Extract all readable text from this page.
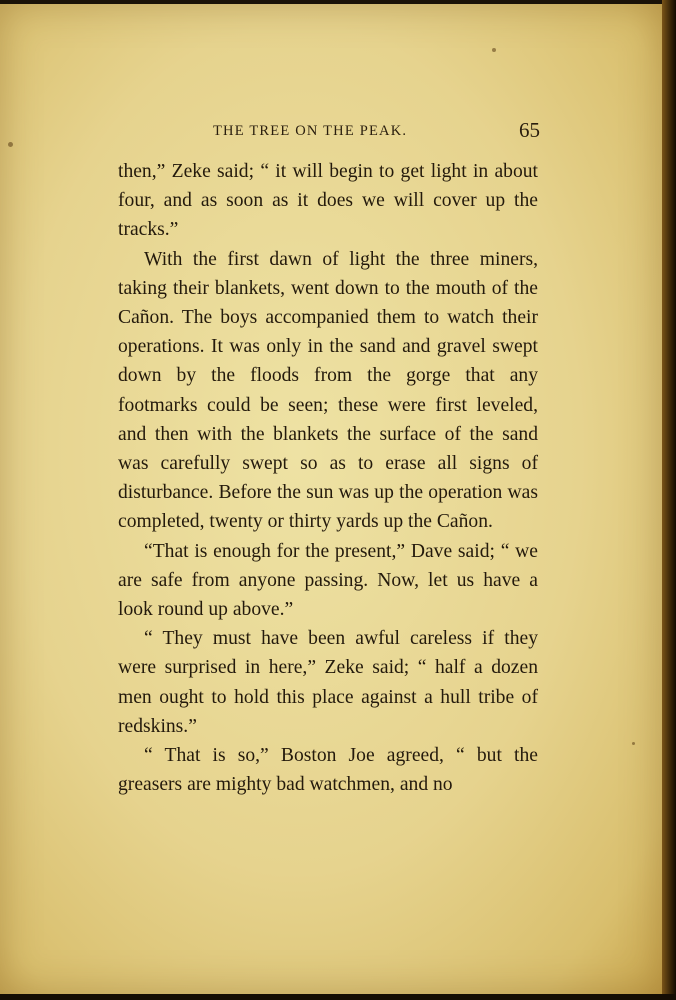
THE TREE ON THE PEAK.	65

then,” Zeke said; “ it will begin to get light in about four, and as soon as it does we will cover up the tracks.”

With the first dawn of light the three miners, taking their blankets, went down to the mouth of the Cañon. The boys accompanied them to watch their operations. It was only in the sand and gravel swept down by the floods from the gorge that any footmarks could be seen; these were first leveled, and then with the blankets the surface of the sand was carefully swept so as to erase all signs of disturbance. Before the sun was up the operation was completed, twenty or thirty yards up the Cañon.

“That is enough for the present,” Dave said; “ we are safe from anyone passing. Now, let us have a look round up above.”

“ They must have been awful careless if they were surprised in here,” Zeke said; “ half a dozen men ought to hold this place against a hull tribe of redskins.”

“ That is so,” Boston Joe agreed, “ but the greasers are mighty bad watchmen, and no
